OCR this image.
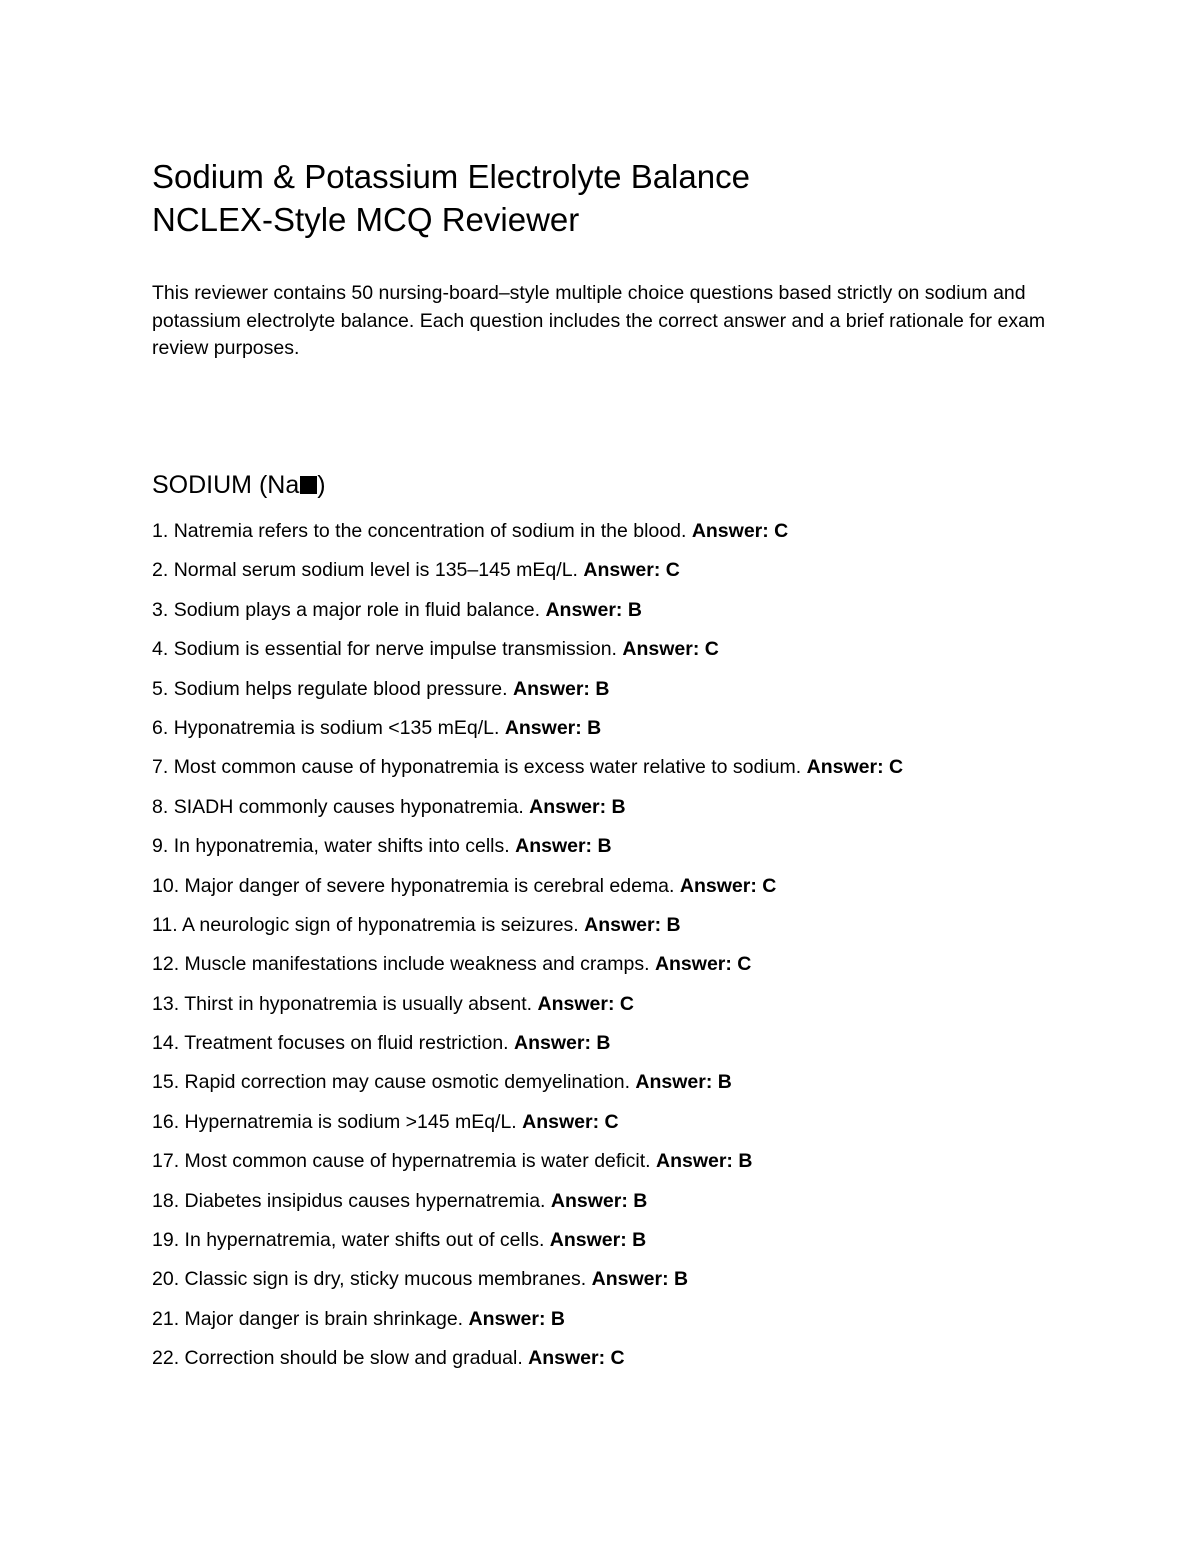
Sodium & Potassium Electrolyte Balance

NCLEX-Style MCQ Reviewer

This reviewer contains 50 nursing-board–style multiple choice questions based strictly on sodium and potassium electrolyte balance. Each question includes the correct answer and a brief rationale for exam review purposes.

SODIUM (Na )
1. Natremia refers to the concentration of sodium in the blood. Answer: C
2. Normal serum sodium level is 135–145 mEq/L. Answer: C
3. Sodium plays a major role in fluid balance. Answer: B
4. Sodium is essential for nerve impulse transmission. Answer: C
5. Sodium helps regulate blood pressure. Answer: B
6. Hyponatremia is sodium <135 mEq/L. Answer: B
7. Most common cause of hyponatremia is excess water relative to sodium. Answer: C
8. SIADH commonly causes hyponatremia. Answer: B
9. In hyponatremia, water shifts into cells. Answer: B
10. Major danger of severe hyponatremia is cerebral edema. Answer: C
11. A neurologic sign of hyponatremia is seizures. Answer: B
12. Muscle manifestations include weakness and cramps. Answer: C
13. Thirst in hyponatremia is usually absent. Answer: C
14. Treatment focuses on fluid restriction. Answer: B
15. Rapid correction may cause osmotic demyelination. Answer: B
16. Hypernatremia is sodium >145 mEq/L. Answer: C
17. Most common cause of hypernatremia is water deficit. Answer: B
18. Diabetes insipidus causes hypernatremia. Answer: B
19. In hypernatremia, water shifts out of cells. Answer: B
20. Classic sign is dry, sticky mucous membranes. Answer: B
21. Major danger is brain shrinkage. Answer: B
22. Correction should be slow and gradual. Answer: C
